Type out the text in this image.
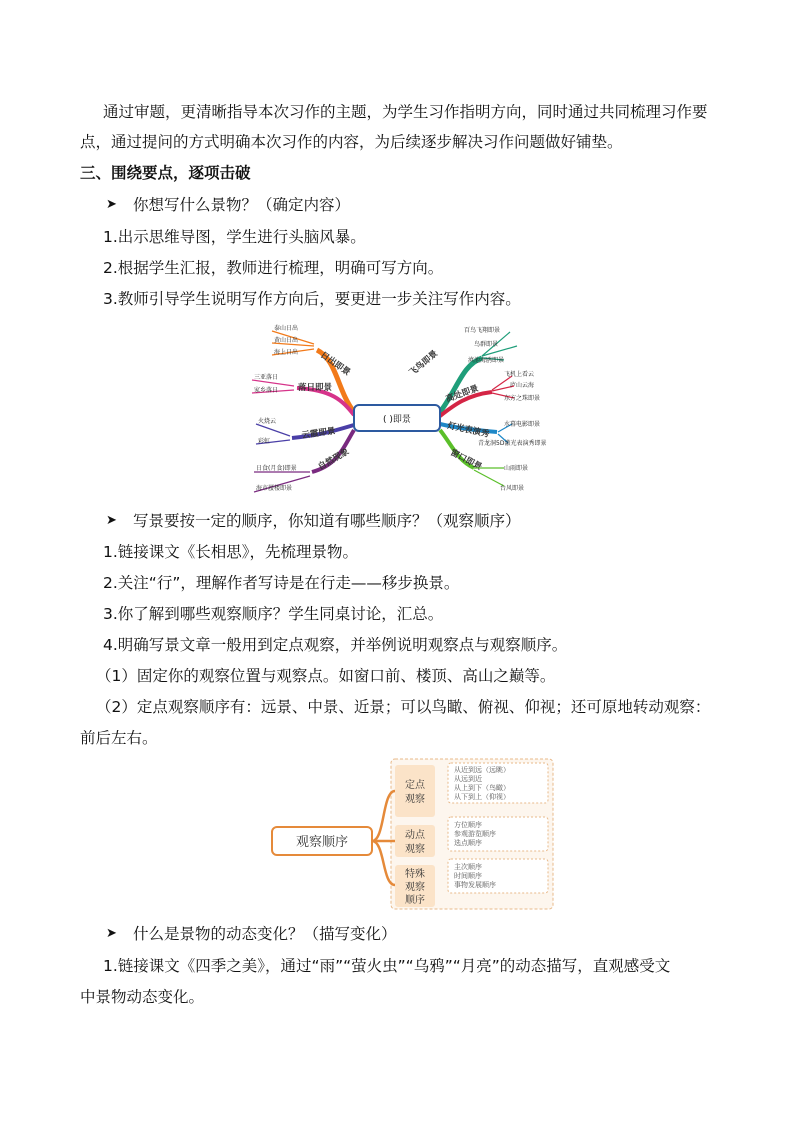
通过审题，更清晰指导本次习作的主题，为学生习作指明方向，同时通过共同梳理习作要
点，通过提问的方式明确本次习作的内容，为后续逐步解决习作问题做好铺垫。
三、围绕要点，逐项击破
➤ 你想写什么景物？（确定内容）
1.出示思维导图，学生进行头脑风暴。
2.根据学生汇报，教师进行梳理，明确可写方向。
3.教师引导学生说明写作方向后，要更进一步关注写作内容。
( )即景
日出即景
落日即景
云霞即景
自然现象
泰山日出
黄山日出
海上日出
三亚落日
家乡落日
火烧云
彩虹
日食(月食)即景
海市蜃楼即景
飞鸟即景
高处即景
灯光表演秀
窗口即景
百鸟飞翔即景
鸟群即景
滇池海鸥即景
飞机上看云
庐山云海
东方之珠即景
水幕电影即景
青龙洞5D激光表演秀即景
山雨即景
台风即景
➤ 写景要按一定的顺序，你知道有哪些顺序？（观察顺序）
1.链接课文《长相思》，先梳理景物。
2.关注“行”，理解作者写诗是在行走——移步换景。
3.你了解到哪些观察顺序？学生同桌讨论，汇总。
4.明确写景文章一般用到定点观察，并举例说明观察点与观察顺序。
（1）固定你的观察位置与观察点。如窗口前、楼顶、高山之巅等。
（2）定点观察顺序有：远景、中景、近景；可以鸟瞰、俯视、仰视；还可原地转动观察：
前后左右。
观察顺序
定点
观察
从近到远（远眺）
从远到近
从上到下（鸟瞰）
从下到上（仰视）
动点
观察
方位顺序
参观游览顺序
选点顺序
特殊
观察
顺序
主次顺序
时间顺序
事物发展顺序
➤ 什么是景物的动态变化？（描写变化）
1.链接课文《四季之美》，通过“雨”“萤火虫”“乌鸦”“月亮”的动态描写，直观感受文
中景物动态变化。
